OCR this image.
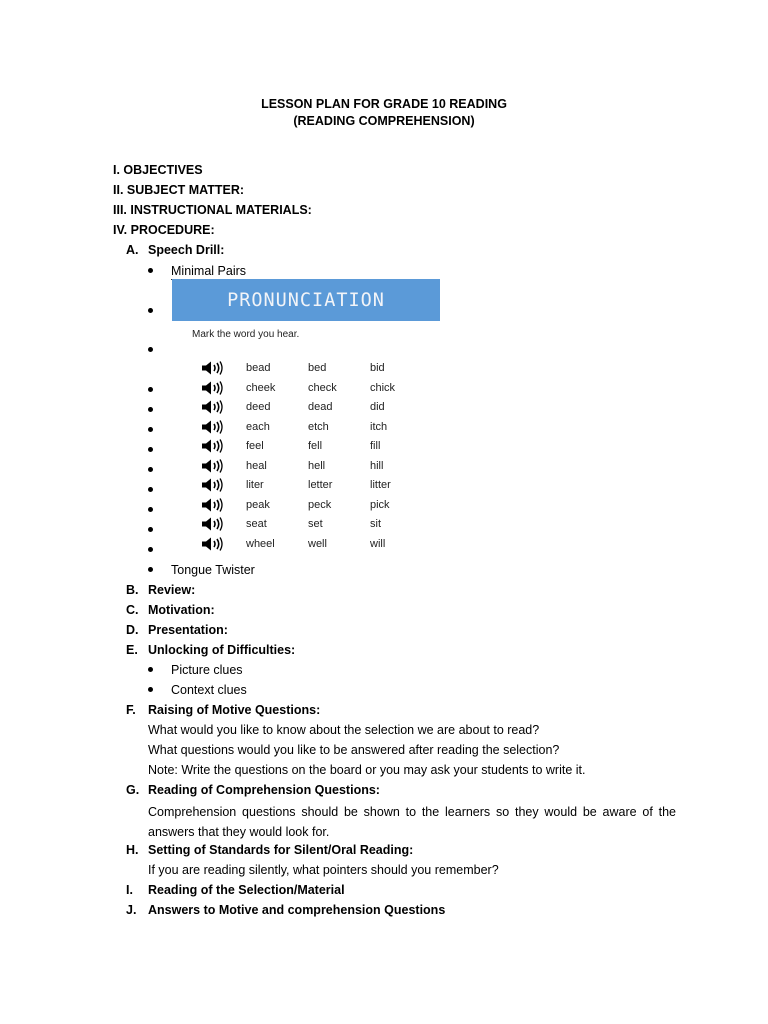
LESSON PLAN FOR GRADE 10 READING
(READING COMPREHENSION)
I. OBJECTIVES
II. SUBJECT MATTER:
III. INSTRUCTIONAL MATERIALS:
IV. PROCEDURE:
A. Speech Drill:
Minimal Pairs
PRONUNCIATION
Mark the word you hear.
bead	bed	bid
cheek	check	chick
deed	dead	did
each	etch	itch
feel	fell	fill
heal	hell	hill
liter	letter	litter
peak	peck	pick
seat	set	sit
wheel	well	will
Tongue Twister
B. Review:
C. Motivation:
D. Presentation:
E. Unlocking of Difficulties:
Picture clues
Context clues
F. Raising of Motive Questions:
What would you like to know about the selection we are about to read?
What questions would you like to be answered after reading the selection?
Note: Write the questions on the board or you may ask your students to write it.
G. Reading of Comprehension Questions:
Comprehension questions should be shown to the learners so they would be aware of the answers that they would look for.
H. Setting of Standards for Silent/Oral Reading:
If you are reading silently, what pointers should you remember?
I. Reading of the Selection/Material
J. Answers to Motive and comprehension Questions
